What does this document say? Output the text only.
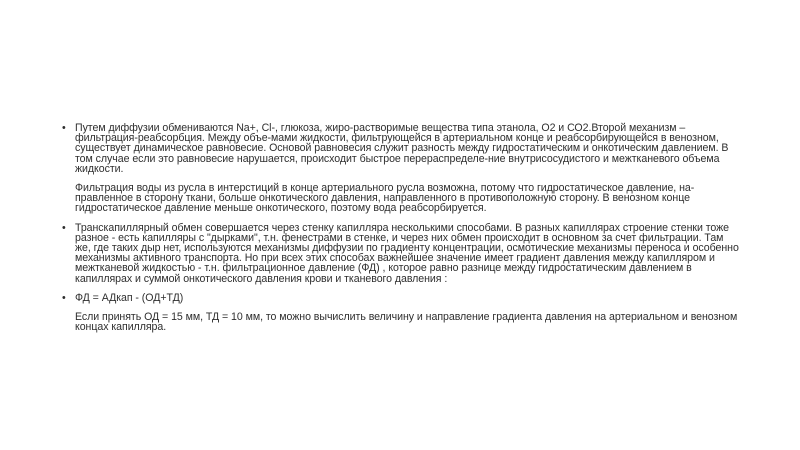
• Путем диффузии обмениваются Na+, Cl-, глюкоза, жиро-растворимые вещества типа этанола, О2 и СО2.Второй механизм – фильтрация-реабсорбция. Между объе-мами жидкости, фильтрующейся в артериальном конце и реабсорбирующейся в венозном, существует динамическое равновесие. Основой равновесия служит разность между гидростатическим и онкотическим давлением. В том случае если это равновесие нарушается, происходит быстрое перераспределе-ние внутрисосудистого и межтканевого объема жидкости.

Фильтрация воды из русла в интерстиций в конце артериального русла возможна, потому что гидростатическое давление, на-правленное в сторону ткани, больше онкотического давления, направленного в противоположную сторону. В венозном конце гидростатическое давление меньше онкотического, поэтому вода реабсорбируется.

• Транскапиллярный обмен совершается через стенку капилляра несколькими способами. В разных капиллярах строение стенки тоже разное - есть капилляры с "дырками", т.н. фенестрами в стенке, и через них обмен происходит в основном за счет фильтрации. Там же, где таких дыр нет, используются механизмы диффузии по градиенту концентрации, осмотические механизмы переноса и особенно механизмы активного транспорта. Но при всех этих способах важнейшее значение имеет градиент давления между капилляром и межтканевой жидкостью - т.н. фильтрационное давление (ФД) , которое равно разнице между гидростатическим давлением в капиллярах и суммой онкотического давления крови и тканевого давления :

• ФД = АДкап - (ОД+ТД)

Если принять ОД = 15 мм, ТД = 10 мм, то можно вычислить величину и направление градиента давления на артериальном и венозном концах капилляра.
